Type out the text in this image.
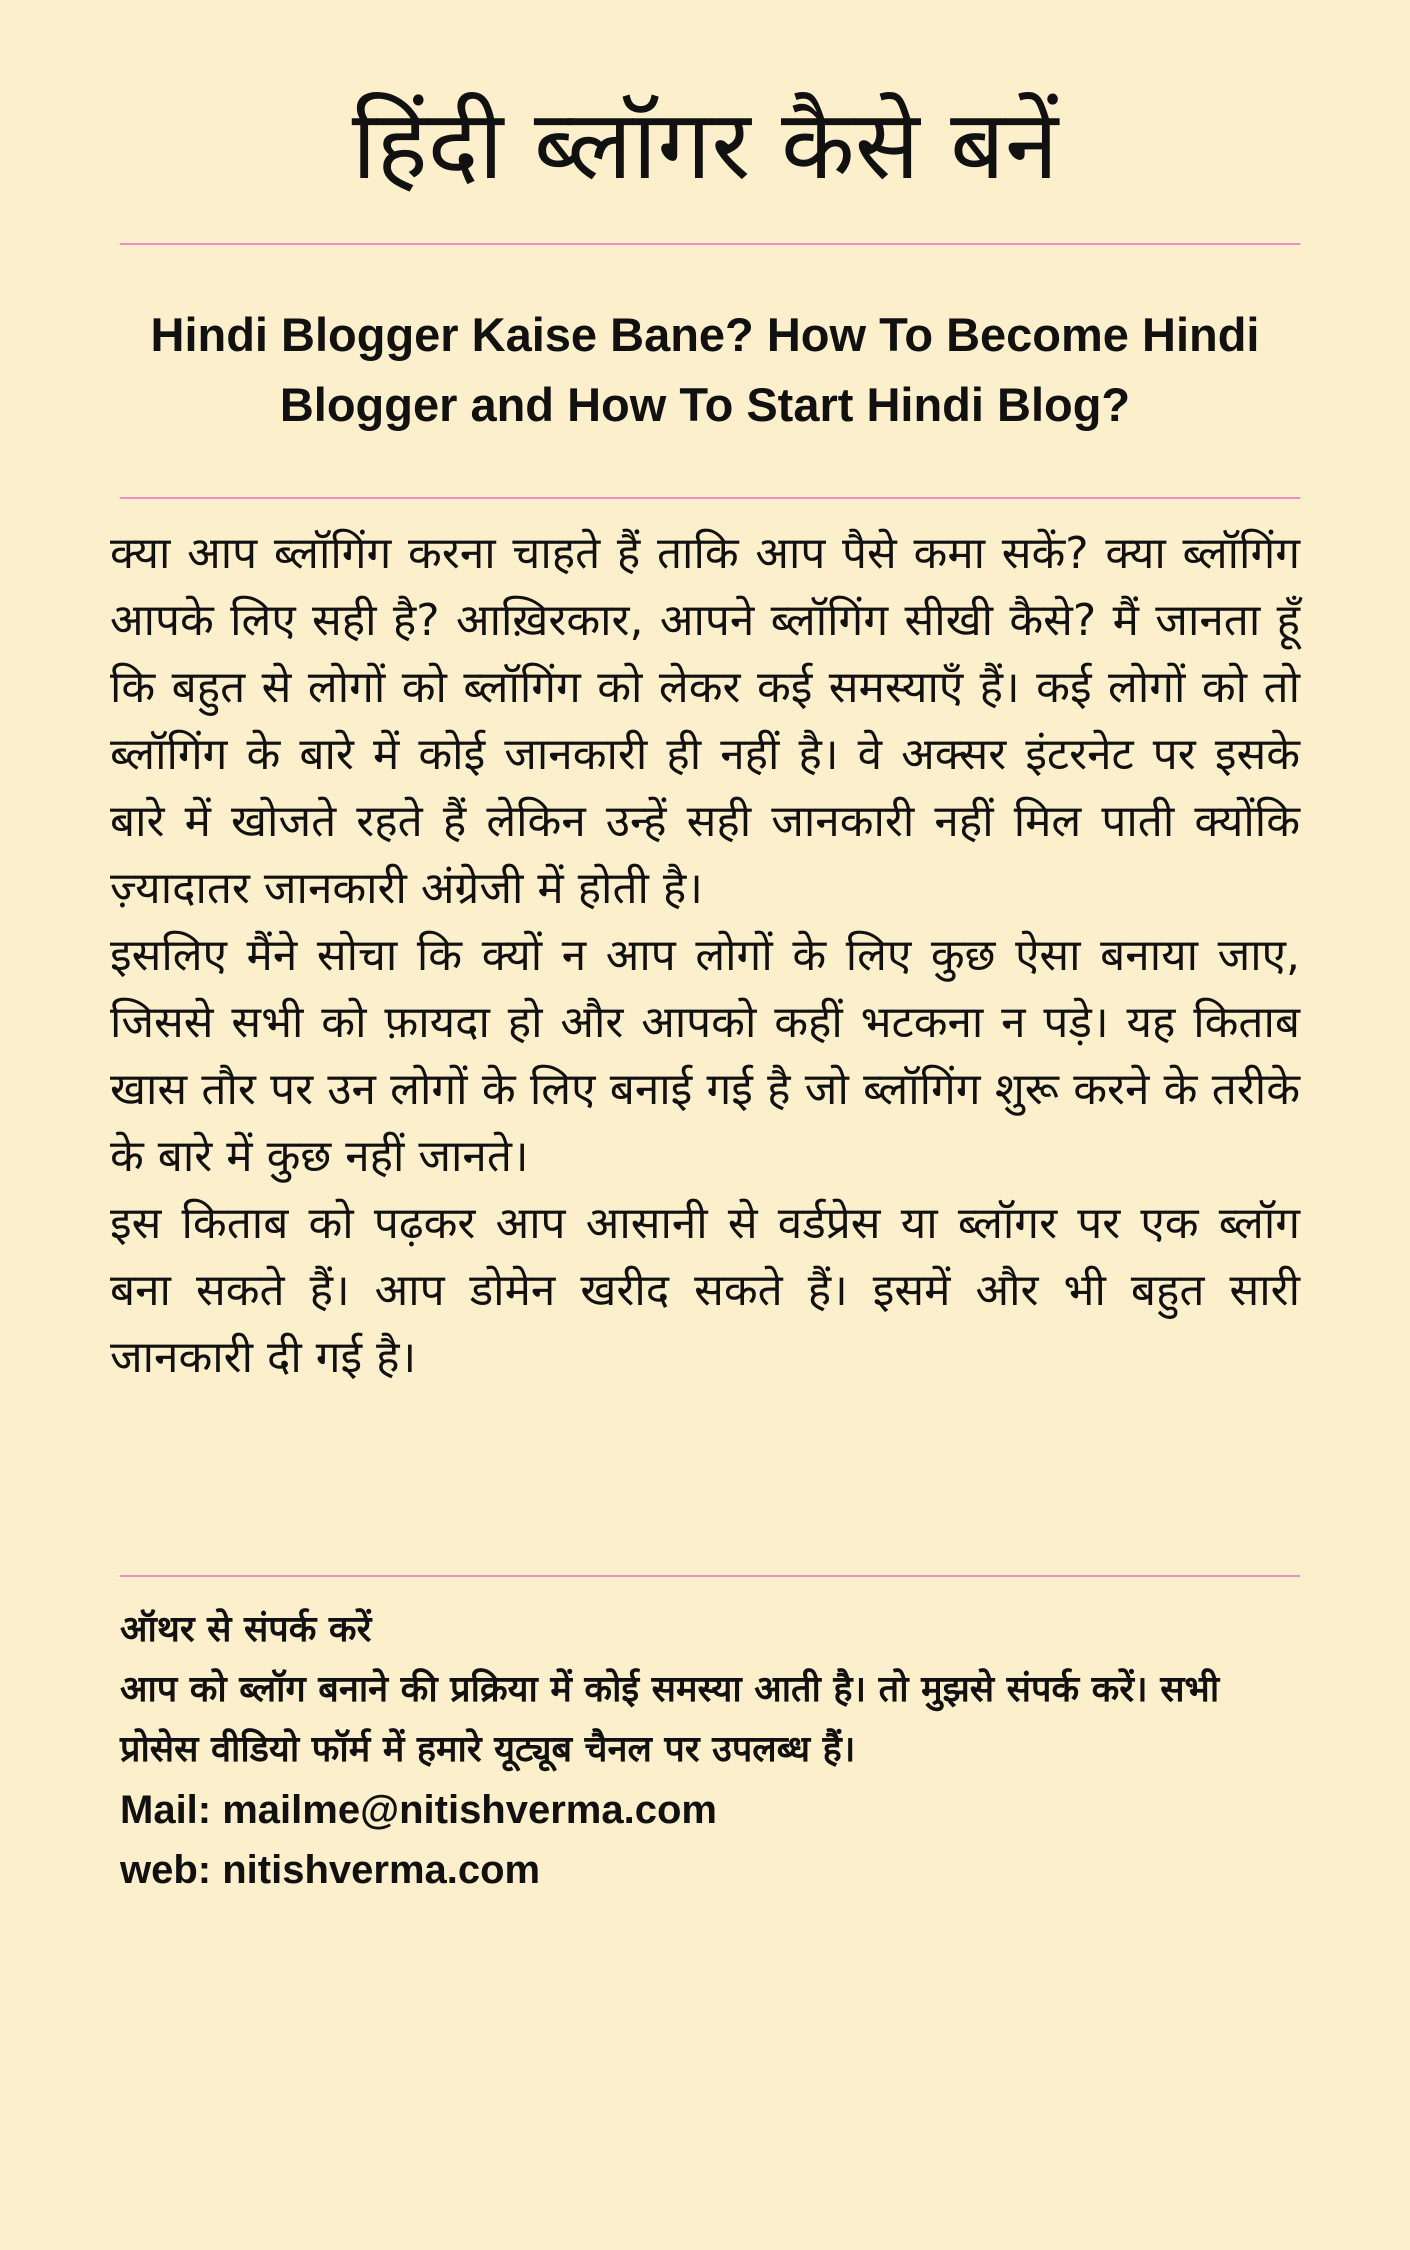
हिंदी ब्लॉगर कैसे बनें
Hindi Blogger Kaise Bane? How To Become Hindi Blogger and How To Start Hindi Blog?

क्या आप ब्लॉगिंग करना चाहते हैं ताकि आप पैसे कमा सकें? क्या ब्लॉगिंग आपके लिए सही है? आख़िरकार, आपने ब्लॉगिंग सीखी कैसे? मैं जानता हूँ कि बहुत से लोगों को ब्लॉगिंग को लेकर कई समस्याएँ हैं। कई लोगों को तो ब्लॉगिंग के बारे में कोई जानकारी ही नहीं है। वे अक्सर इंटरनेट पर इसके बारे में खोजते रहते हैं लेकिन उन्हें सही जानकारी नहीं मिल पाती क्योंकि ज़्यादातर जानकारी अंग्रेजी में होती है।

इसलिए मैंने सोचा कि क्यों न आप लोगों के लिए कुछ ऐसा बनाया जाए, जिससे सभी को फ़ायदा हो और आपको कहीं भटकना न पड़े। यह किताब खास तौर पर उन लोगों के लिए बनाई गई है जो ब्लॉगिंग शुरू करने के तरीके के बारे में कुछ नहीं जानते।

इस किताब को पढ़कर आप आसानी से वर्डप्रेस या ब्लॉगर पर एक ब्लॉग बना सकते हैं। आप डोमेन खरीद सकते हैं। इसमें और भी बहुत सारी जानकारी दी गई है।

ऑथर से संपर्क करें
आप को ब्लॉग बनाने की प्रक्रिया में कोई समस्या आती है। तो मुझसे संपर्क करें। सभी प्रोसेस वीडियो फॉर्म में हमारे यूट्यूब चैनल पर उपलब्ध हैं।
Mail: mailme@nitishverma.com
web: nitishverma.com
